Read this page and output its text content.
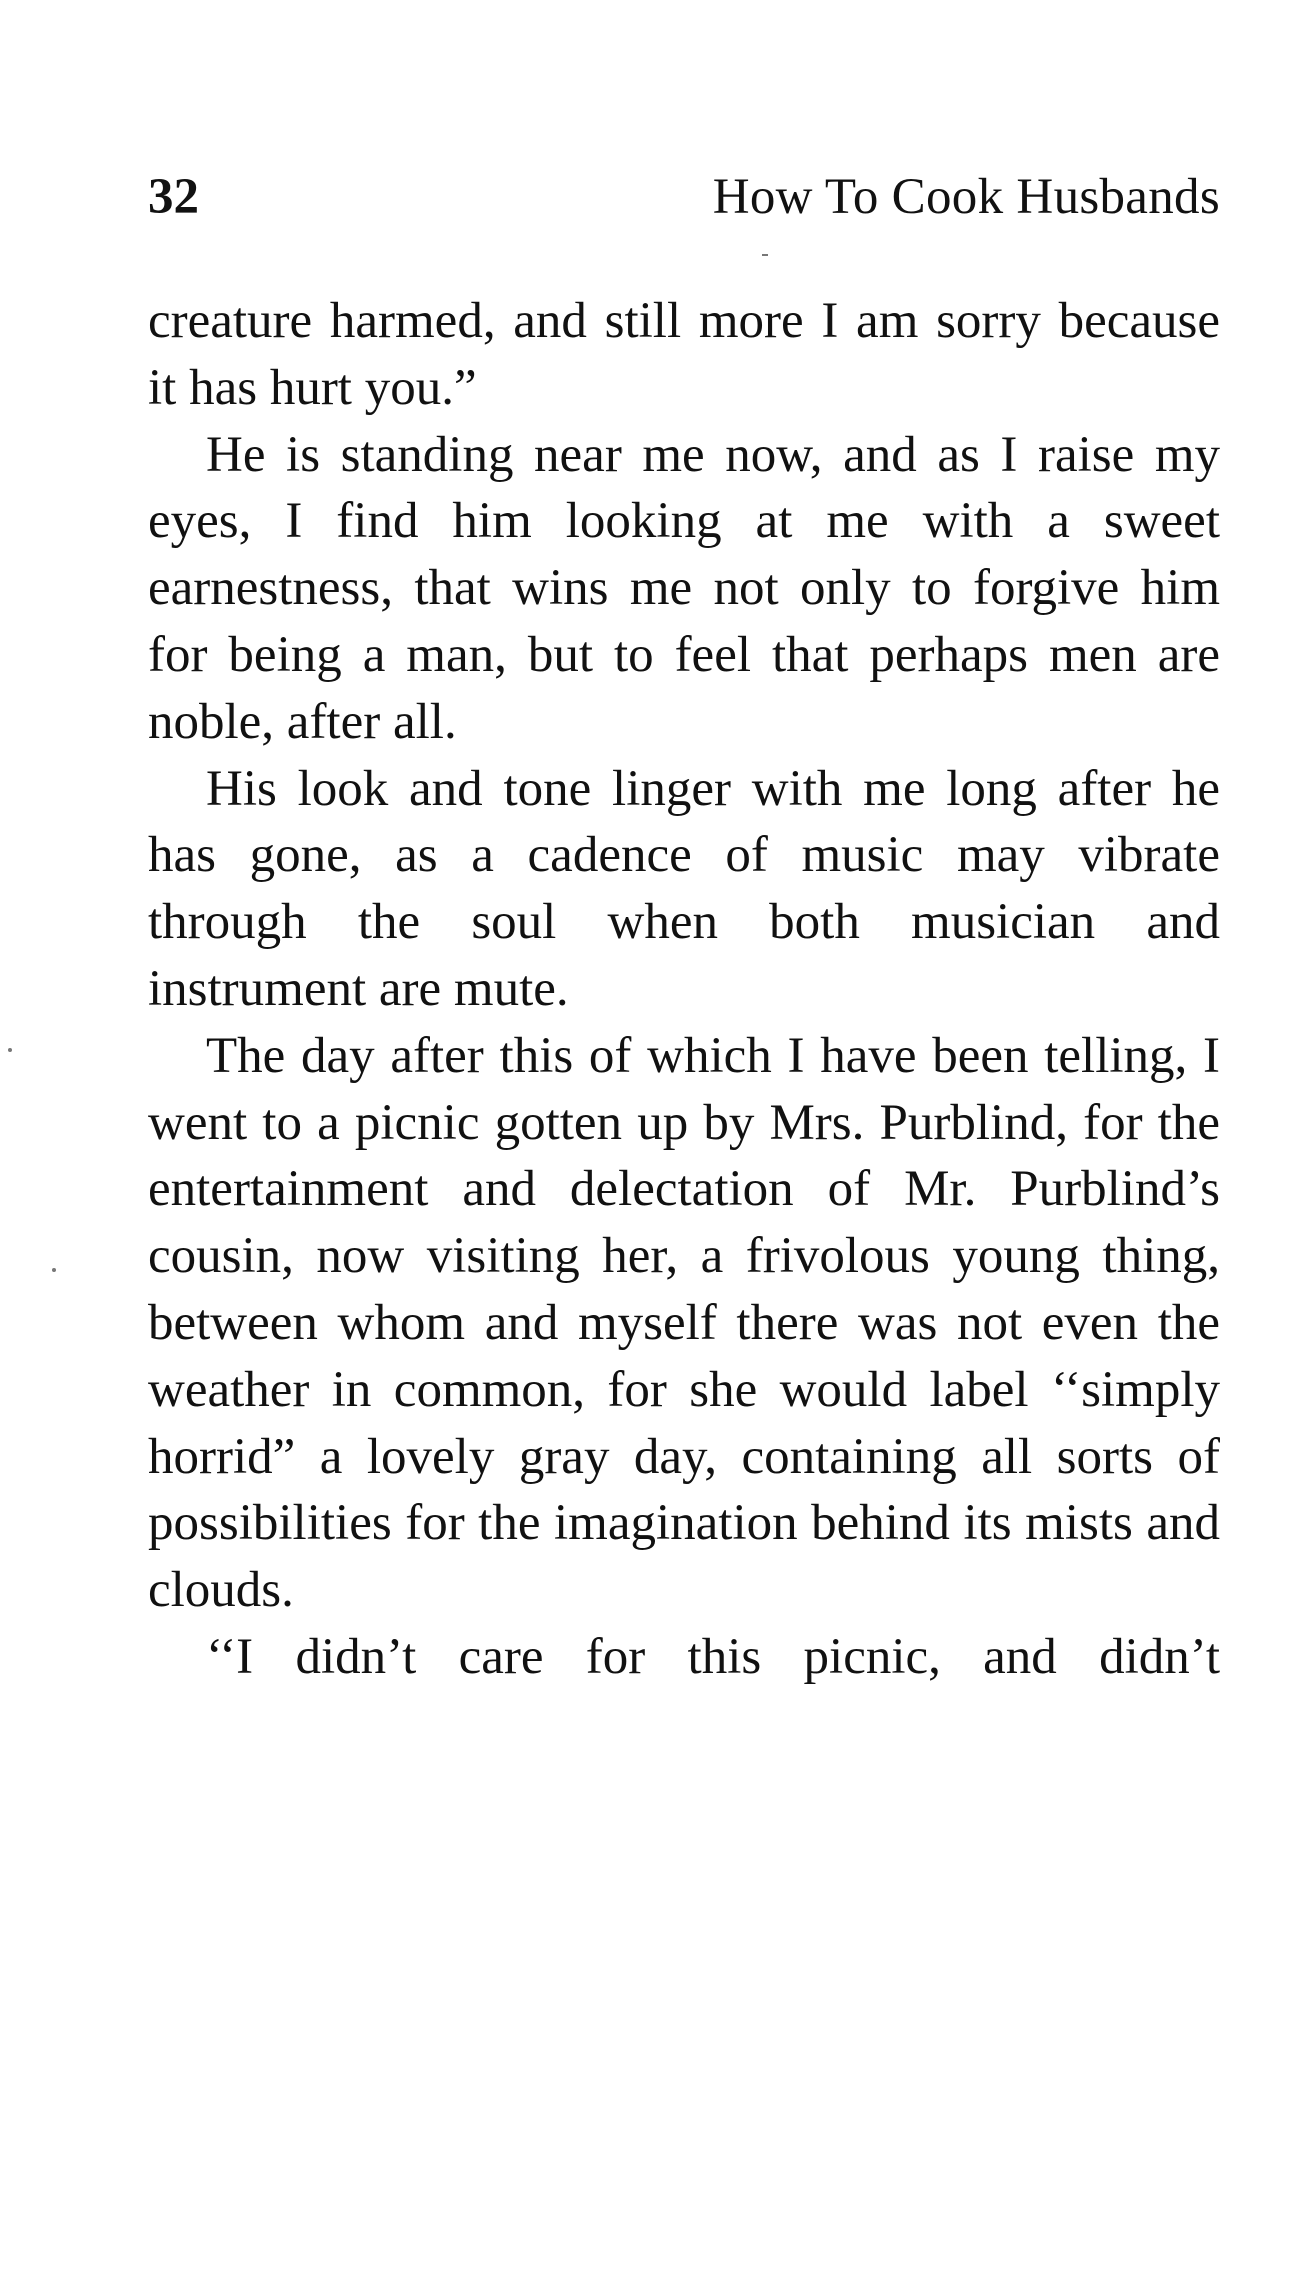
32	How To Cook Husbands

creature harmed, and still more I am sorry because it has hurt you.”

He is standing near me now, and as I raise my eyes, I find him looking at me with a sweet earnestness, that wins me not only to forgive him for being a man, but to feel that perhaps men are noble, after all.

His look and tone linger with me long after he has gone, as a cadence of music may vibrate through the soul when both musician and instrument are mute.

The day after this of which I have been telling, I went to a picnic gotten up by Mrs. Purblind, for the entertainment and delectation of Mr. Purblind’s cousin, now visiting her, a frivolous young thing, between whom and myself there was not even the weather in common, for she would label ‘‘simply horrid” a lovely gray day, containing all sorts of possibilities for the imagination behind its mists and clouds.

‘‘I didn’t care for this picnic, and didn’t
